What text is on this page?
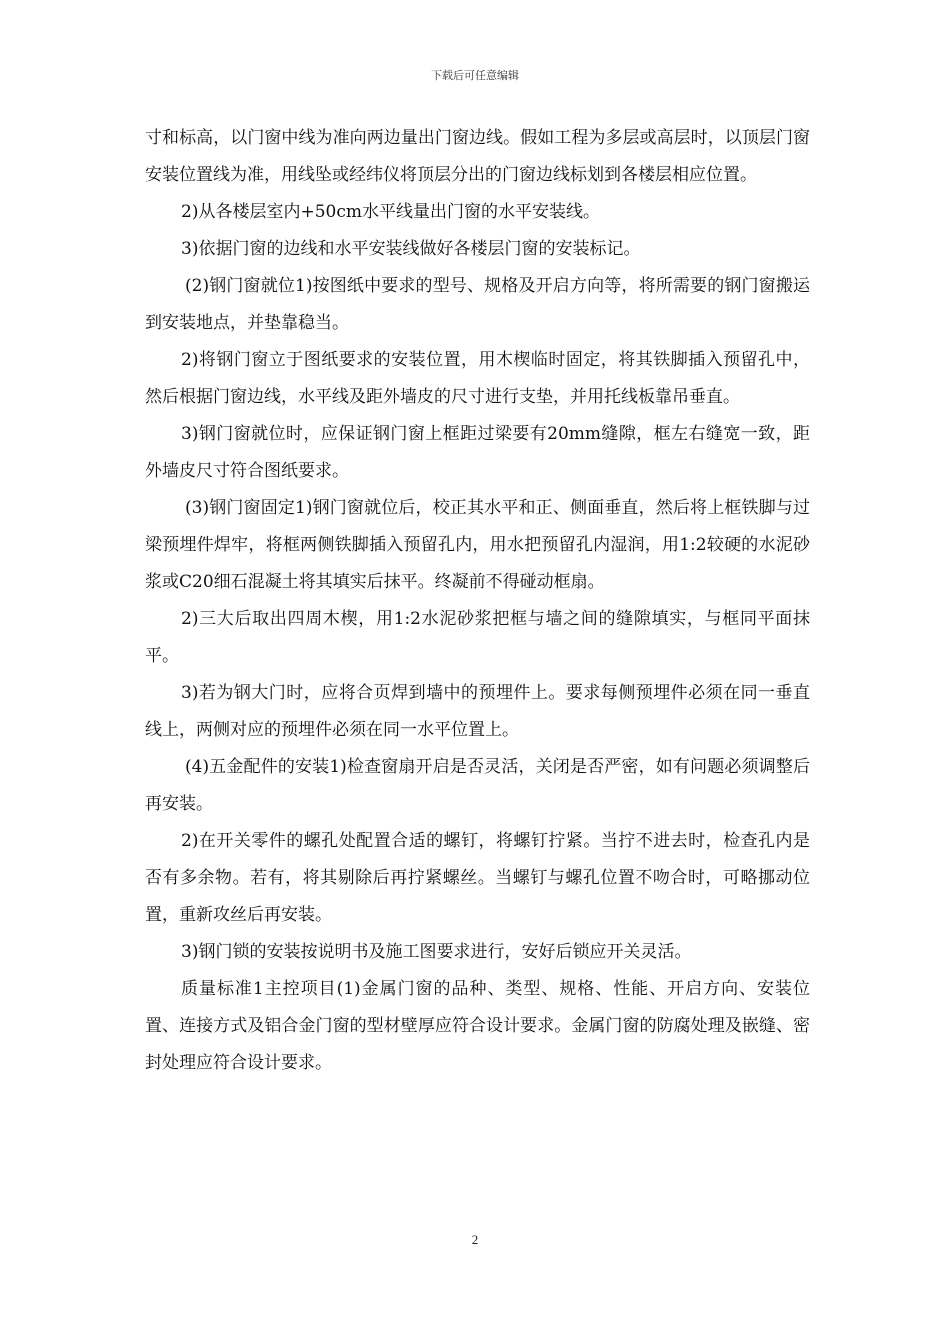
下载后可任意编辑

寸和标高，以门窗中线为准向两边量出门窗边线。假如工程为多层或高层时，以顶层门窗安装位置线为准，用线坠或经纬仪将顶层分出的门窗边线标划到各楼层相应位置。

2)从各楼层室内+50cm水平线量出门窗的水平安装线。

3)依据门窗的边线和水平安装线做好各楼层门窗的安装标记。

(2)钢门窗就位1)按图纸中要求的型号、规格及开启方向等，将所需要的钢门窗搬运到安装地点，并垫靠稳当。

2)将钢门窗立于图纸要求的安装位置，用木楔临时固定，将其铁脚插入预留孔中，然后根据门窗边线，水平线及距外墙皮的尺寸进行支垫，并用托线板靠吊垂直。

3)钢门窗就位时，应保证钢门窗上框距过梁要有20mm缝隙，框左右缝宽一致，距外墙皮尺寸符合图纸要求。

(3)钢门窗固定1)钢门窗就位后，校正其水平和正、侧面垂直，然后将上框铁脚与过梁预埋件焊牢，将框两侧铁脚插入预留孔内，用水把预留孔内湿润，用1:2较硬的水泥砂浆或C20细石混凝土将其填实后抹平。终凝前不得碰动框扇。

2)三大后取出四周木楔，用1:2水泥砂浆把框与墙之间的缝隙填实，与框同平面抹平。

3)若为钢大门时，应将合页焊到墙中的预埋件上。要求每侧预埋件必须在同一垂直线上，两侧对应的预埋件必须在同一水平位置上。

(4)五金配件的安装1)检查窗扇开启是否灵活，关闭是否严密，如有问题必须调整后再安装。

2)在开关零件的螺孔处配置合适的螺钉，将螺钉拧紧。当拧不进去时，检查孔内是否有多余物。若有，将其剔除后再拧紧螺丝。当螺钉与螺孔位置不吻合时，可略挪动位置，重新攻丝后再安装。

3)钢门锁的安装按说明书及施工图要求进行，安好后锁应开关灵活。

质量标准1主控项目(1)金属门窗的品种、类型、规格、性能、开启方向、安装位置、连接方式及铝合金门窗的型材壁厚应符合设计要求。金属门窗的防腐处理及嵌缝、密封处理应符合设计要求。

2
